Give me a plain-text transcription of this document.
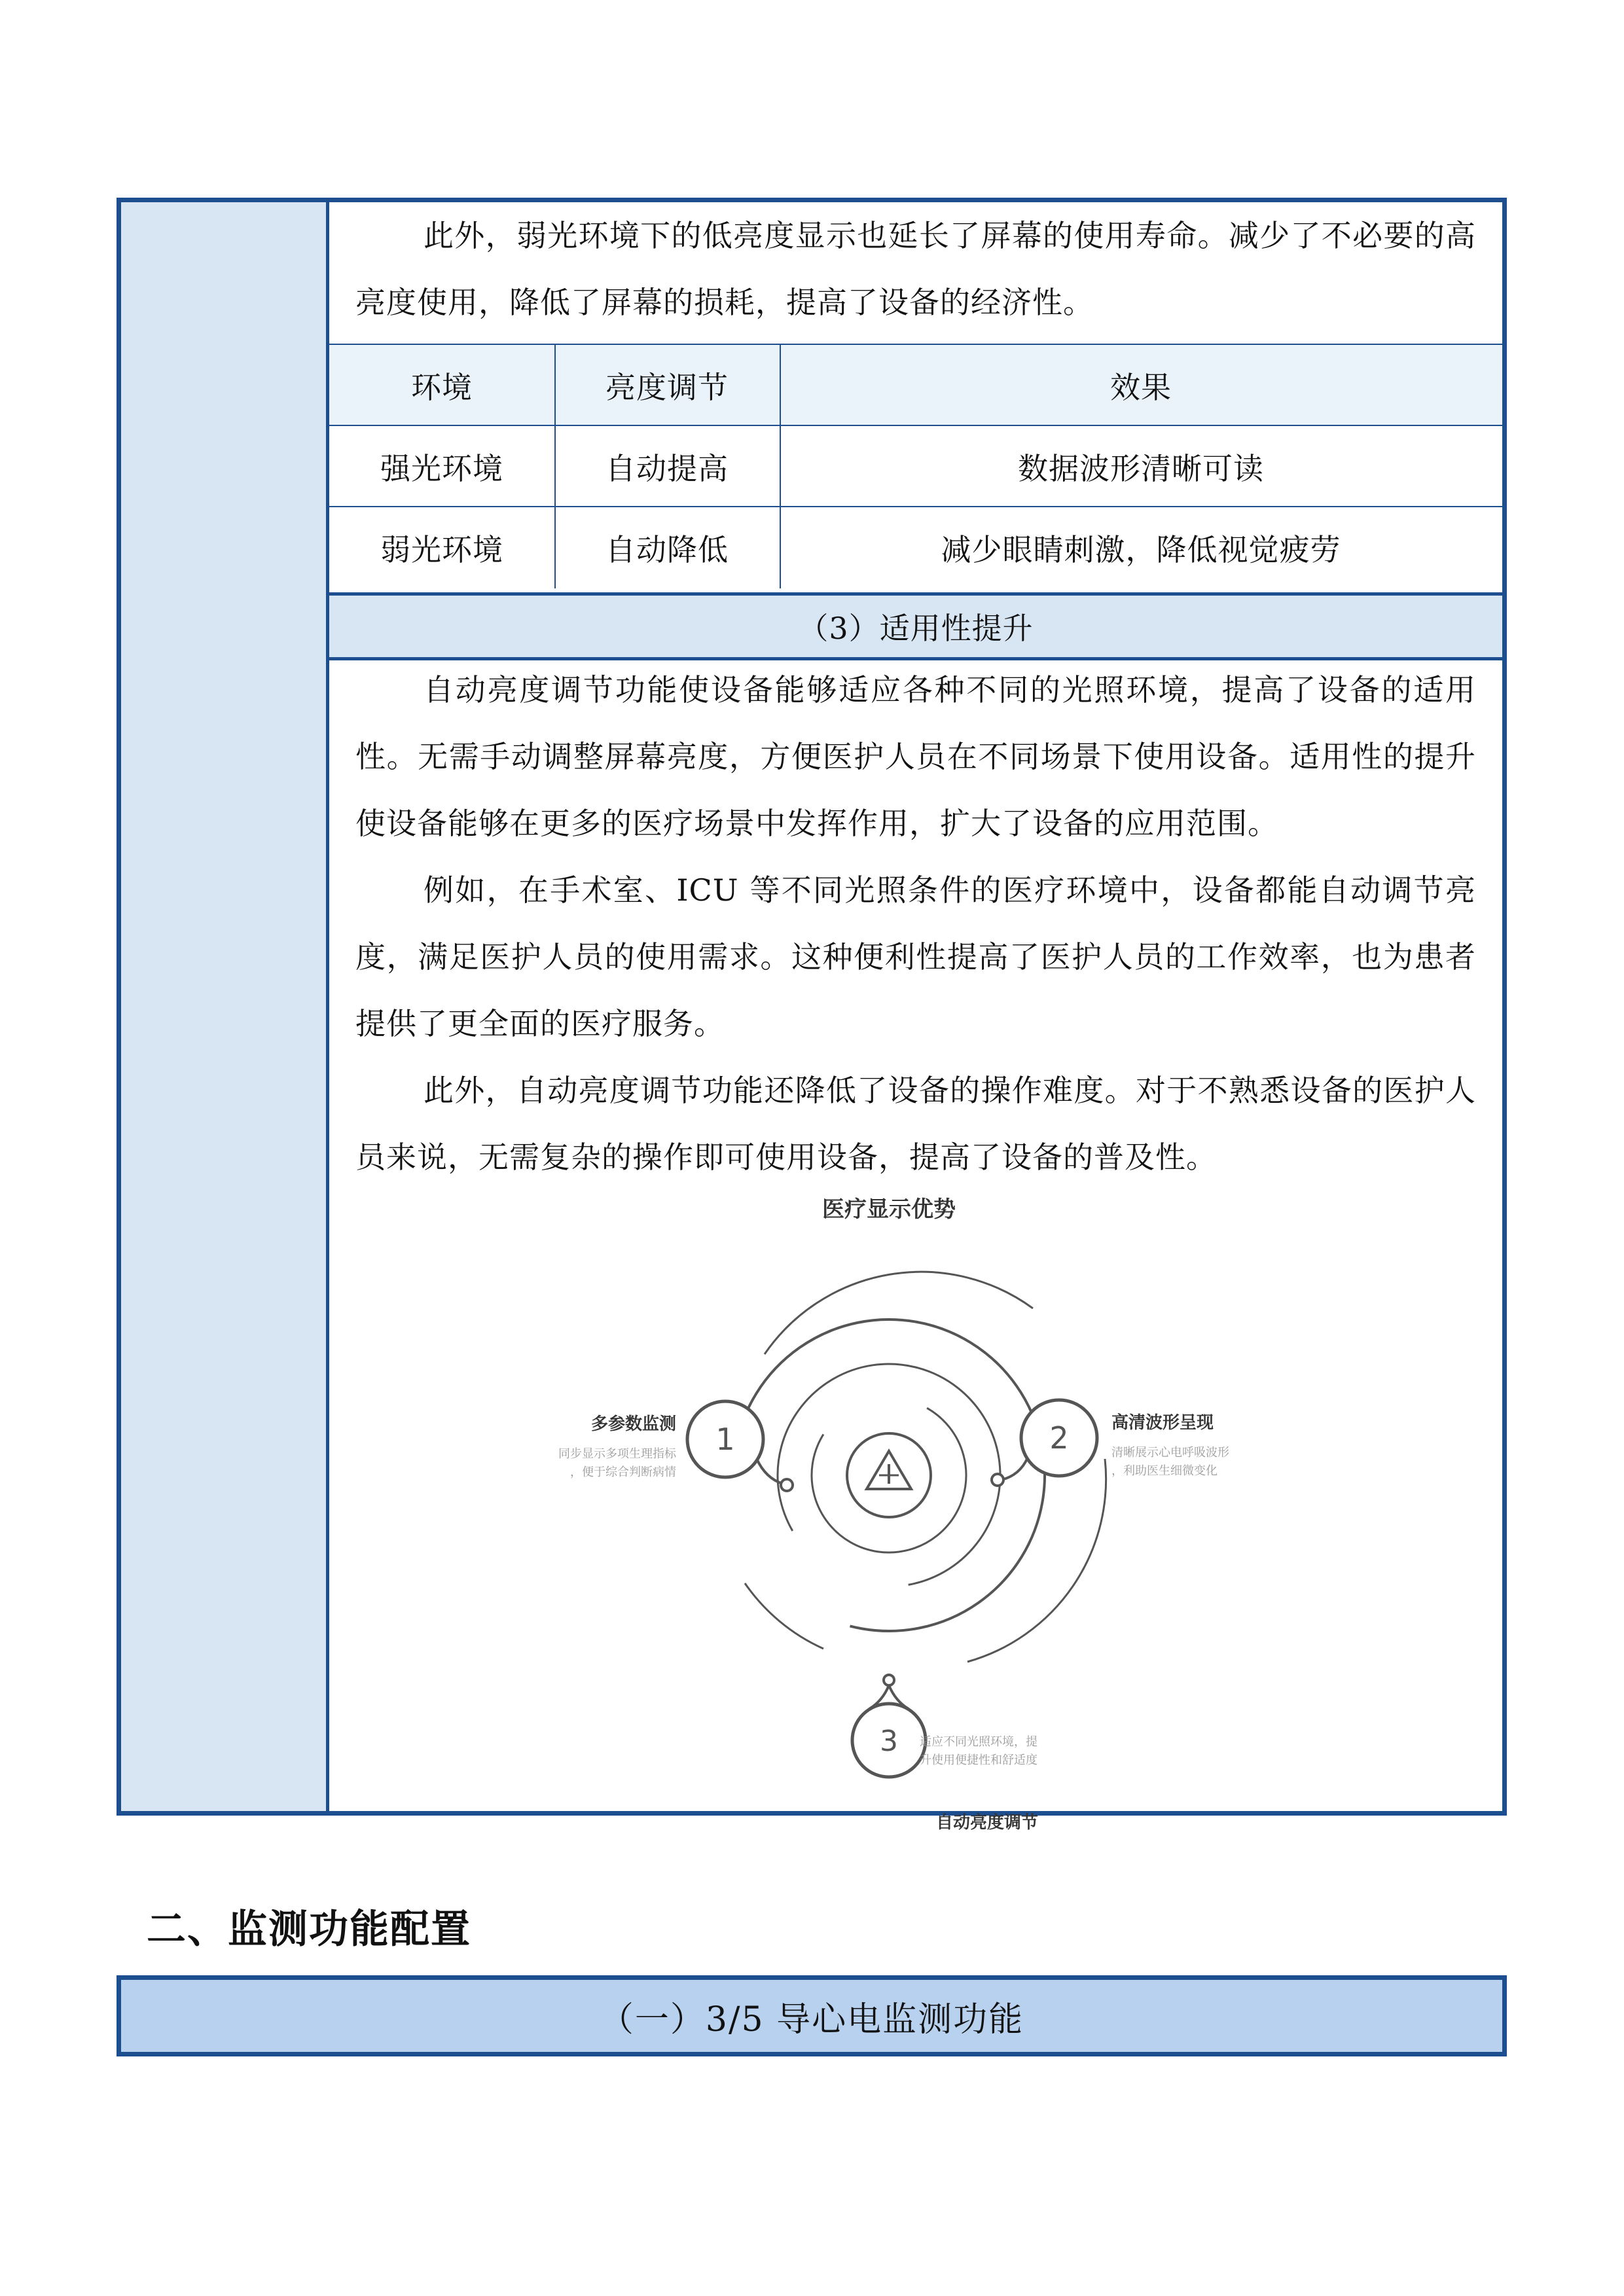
此外，弱光环境下的低亮度显示也延长了屏幕的使用寿命。减少了不必要的高亮度使用，降低了屏幕的损耗，提高了设备的经济性。

环境	亮度调节	效果
强光环境	自动提高	数据波形清晰可读
弱光环境	自动降低	减少眼睛刺激，降低视觉疲劳
（3）适用性提升

自动亮度调节功能使设备能够适应各种不同的光照环境，提高了设备的适用性。无需手动调整屏幕亮度，方便医护人员在不同场景下使用设备。适用性的提升使设备能够在更多的医疗场景中发挥作用，扩大了设备的应用范围。

例如，在手术室、ICU 等不同光照条件的医疗环境中，设备都能自动调节亮度，满足医护人员的使用需求。这种便利性提高了医护人员的工作效率，也为患者提供了更全面的医疗服务。

此外，自动亮度调节功能还降低了设备的操作难度。对于不熟悉设备的医护人员来说，无需复杂的操作即可使用设备，提高了设备的普及性。

医疗显示优势
1
多参数监测
同步显示多项生理指标
，便于综合判断病情
2	高清波形呈现
清晰展示心电呼吸波形
，利助医生细微变化
3
自动亮度调节
适应不同光照环境，提
升使用便捷性和舒适度
二、监测功能配置
（一）3/5 导心电监测功能
